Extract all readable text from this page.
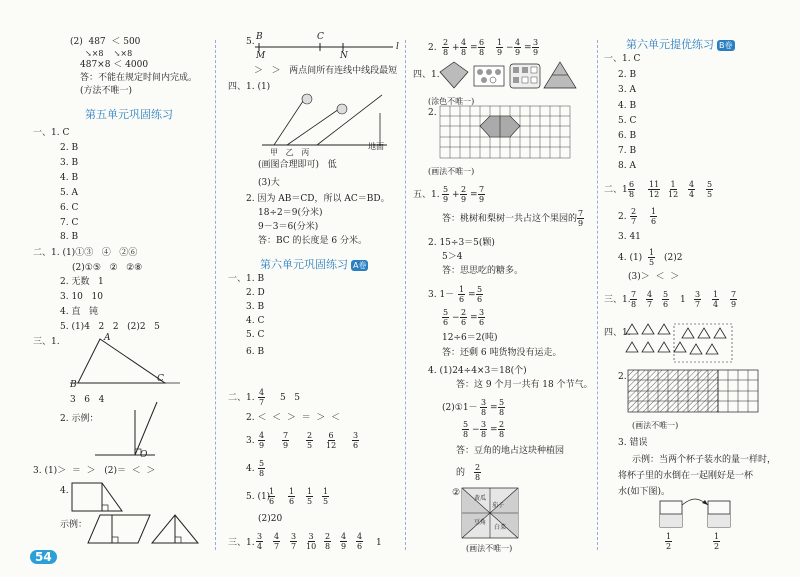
(2)  487  ＜ 500
↘×8    ↘×8
487×8 ＜ 4000
答：不能在规定时间内完成。
(方法不唯一)
第五单元巩固练习
一、1. C
2. B
3. B
4. B
5. A
6. C
7. C
8. B
二、1. (1)①③   ④   ②⑥
(2)①⑤   ②   ②⑧
2. 无数   1
3. 10   10
4. 直   钝
5. (1)4   2   2   (2)2   5
三、1.	A
B
C
3   6   4
2. 示例：
O
3. (1)＞  ＝  ＞   (2)＝  ＜  ＞
4.
示例：
54
5. B	C
M	N
l
＞   ＞   两点间所有连线中线段最短
四、1. (1)
甲   乙   丙
地面
(画图合理即可)   低
(3)大
2. 因为 AB＝CD，所以 AC＝BD。
18÷2＝9(分米)
9－3＝6(分米)
答：BC 的长度是 6 分米。
第六单元巩固练习 A卷
一、1. B
2. D
3. B
4. C
5. C
6. B
二、1.
4
7 5   5
2. ＜  ＜  ＞  ＝  ＞  ＜
3.
4
9
7
9
2
5
6
12
3
6
4.
5
8
5. (1)
1
6
1
6
1
5
1
5
(2)20
三、1.
3
4
4
7
3
7
3
10
2
8
4
9
4
6 1
2.
2
8 +
4
8 =
6
8
1
9 −
4
9 =
3
9
四、1.
(涂色不唯一)
2.
(画法不唯一)
五、1.
5
9 +
2
9 =
7
9
答：桃树和梨树一共占这个果园的
7
9
2. 15÷3＝5(颗)
5＞4
答：思思吃的糖多。
3. 1－
1
6 =
5
6
5
6 −
2
6 =
3
6
12÷6＝2(吨)
答：还剩 6 吨货物没有运走。
4. (1)24÷4×3＝18(个)
答：这 9 个月一共有 18 个节气。
(2)①1－
3
8 =
5
8
5
8 −
3
8 =
2
8
答：豆角的地占这块种植园
的
2
8
②
黄瓜
茄子
豆角
白菜
(画法不唯一)
第六单元提优练习 B卷
一、1. C
2. B
3. A
4. B
5. C
6. B
7. B
8. A
二、1.
6
8
11
12
1
12
4
4
5
5
2.
2
7
1
6
3. 41
4. (1)
1
5 (2)2
(3)＞  ＜  ＞
三、1.
7
8
4
7
5
6 1
3
7
1
4
7
9
四、1.
2.
(画法不唯一)
3. 错误
示例：当两个杯子装水的量一样时，
将杯子里的水倒在一起刚好是一杯
水(如下图)。
1
2
1
2
